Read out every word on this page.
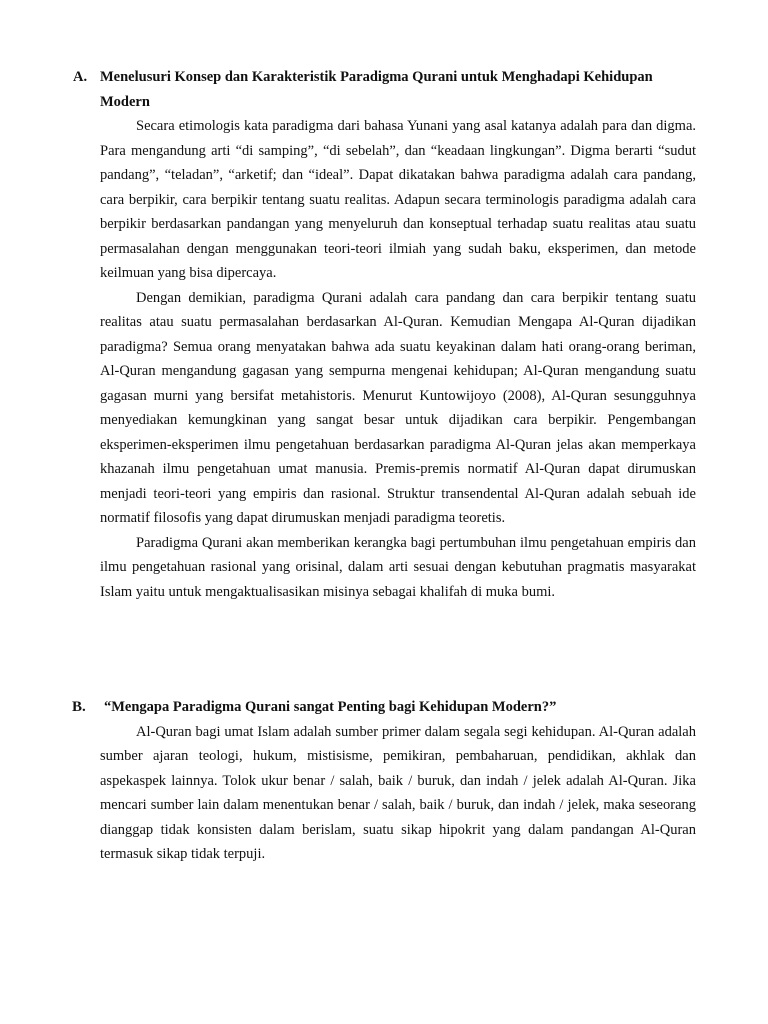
A. Menelusuri Konsep dan Karakteristik Paradigma Qurani untuk Menghadapi Kehidupan Modern

Secara etimologis kata paradigma dari bahasa Yunani yang asal katanya adalah para dan digma. Para mengandung arti “di samping”, “di sebelah”, dan “keadaan lingkungan”. Digma berarti “sudut pandang”, “teladan”, “arketif; dan “ideal”. Dapat dikatakan bahwa paradigma adalah cara pandang, cara berpikir, cara berpikir tentang suatu realitas. Adapun secara terminologis paradigma adalah cara berpikir berdasarkan pandangan yang menyeluruh dan konseptual terhadap suatu realitas atau suatu permasalahan dengan menggunakan teori-teori ilmiah yang sudah baku, eksperimen, dan metode keilmuan yang bisa dipercaya.

Dengan demikian, paradigma Qurani adalah cara pandang dan cara berpikir tentang suatu realitas atau suatu permasalahan berdasarkan Al-Quran. Kemudian Mengapa Al-Quran dijadikan paradigma? Semua orang menyatakan bahwa ada suatu keyakinan dalam hati orang-orang beriman, Al-Quran mengandung gagasan yang sempurna mengenai kehidupan; Al-Quran mengandung suatu gagasan murni yang bersifat metahistoris. Menurut Kuntowijoyo (2008), Al-Quran sesungguhnya menyediakan kemungkinan yang sangat besar untuk dijadikan cara berpikir. Pengembangan eksperimen-eksperimen ilmu pengetahuan berdasarkan paradigma Al-Quran jelas akan memperkaya khazanah ilmu pengetahuan umat manusia. Premis-premis normatif Al-Quran dapat dirumuskan menjadi teori-teori yang empiris dan rasional. Struktur transendental Al-Quran adalah sebuah ide normatif filosofis yang dapat dirumuskan menjadi paradigma teoretis.

Paradigma Qurani akan memberikan kerangka bagi pertumbuhan ilmu pengetahuan empiris dan ilmu pengetahuan rasional yang orisinal, dalam arti sesuai dengan kebutuhan pragmatis masyarakat Islam yaitu untuk mengaktualisasikan misinya sebagai khalifah di muka bumi.

B. “Mengapa Paradigma Qurani sangat Penting bagi Kehidupan Modern?”

Al-Quran bagi umat Islam adalah sumber primer dalam segala segi kehidupan. Al-Quran adalah sumber ajaran teologi, hukum, mistisisme, pemikiran, pembaharuan, pendidikan, akhlak dan aspekaspek lainnya. Tolok ukur benar / salah, baik / buruk, dan indah / jelek adalah Al-Quran. Jika mencari sumber lain dalam menentukan benar / salah, baik / buruk, dan indah / jelek, maka seseorang dianggap tidak konsisten dalam berislam, suatu sikap hipokrit yang dalam pandangan Al-Quran termasuk sikap tidak terpuji.
